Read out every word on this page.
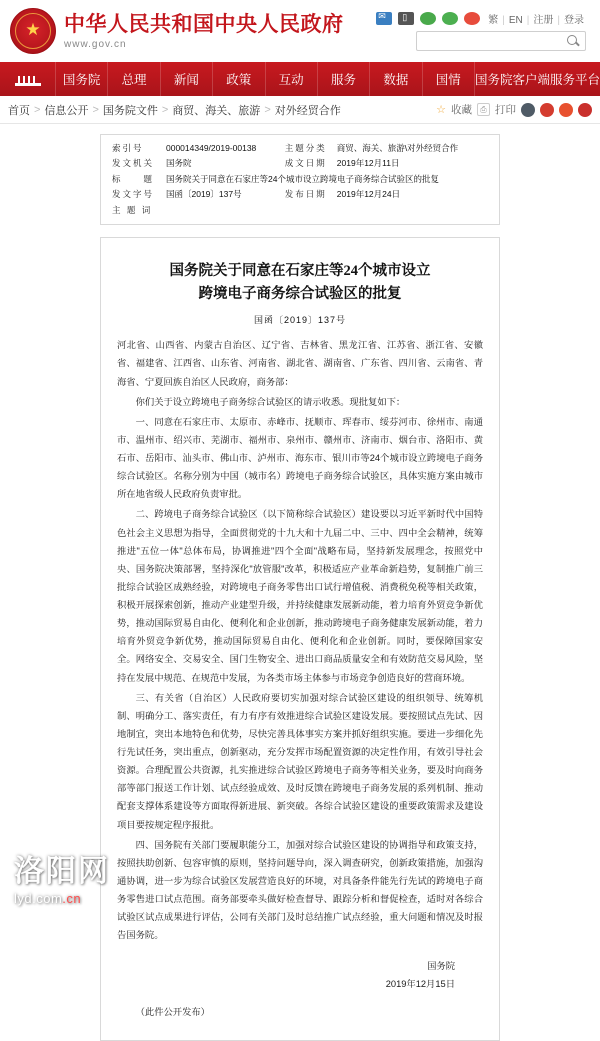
★
中华人民共和国中央人民政府
www.gov.cn
✉
▯
繁 | EN | 注册 | 登录
国务院	总理	新闻	政策	互动	服务	数据	国情	国务院客户端服务平台
首页 > 信息公开 > 国务院文件 > 商贸、海关、旅游 > 对外经贸合作	☆ 收藏	⎙ 打印
索引号	000014349/2019-00138	主题分类	商贸、海关、旅游\对外经贸合作
发文机关	国务院	成文日期	2019年12月11日
标　　题	国务院关于同意在石家庄等24个城市设立跨境电子商务综合试验区的批复		
发文字号	国函〔2019〕137号	发布日期	2019年12月24日
主 题 词			
国务院关于同意在石家庄等24个城市设立
跨境电子商务综合试验区的批复
国函〔2019〕137号

河北省、山西省、内蒙古自治区、辽宁省、吉林省、黑龙江省、江苏省、浙江省、安徽省、福建省、江西省、山东省、河南省、湖北省、湖南省、广东省、四川省、云南省、青海省、宁夏回族自治区人民政府，商务部：

你们关于设立跨境电子商务综合试验区的请示收悉。现批复如下：

一、同意在石家庄市、太原市、赤峰市、抚顺市、珲春市、绥芬河市、徐州市、南通市、温州市、绍兴市、芜湖市、福州市、泉州市、赣州市、济南市、烟台市、洛阳市、黄石市、岳阳市、汕头市、佛山市、泸州市、海东市、银川市等24个城市设立跨境电子商务综合试验区。名称分别为中国（城市名）跨境电子商务综合试验区，具体实施方案由城市所在地省级人民政府负责审批。

二、跨境电子商务综合试验区（以下简称综合试验区）建设要以习近平新时代中国特色社会主义思想为指导，全面贯彻党的十九大和十九届二中、三中、四中全会精神，统筹推进"五位一体"总体布局，协调推进"四个全面"战略布局，坚持新发展理念，按照党中央、国务院决策部署，坚持深化"放管服"改革，积极适应产业革命新趋势，复制推广前三批综合试验区成熟经验，对跨境电子商务零售出口试行增值税、消费税免税等相关政策，积极开展探索创新，推动产业建型升级，并持续健康发展新动能，着力培育外贸竞争新优势，推动国际贸易自由化、便利化和企业创新，推动跨境电子商务健康发展新动能，着力培育外贸竞争新优势，推动国际贸易自由化、便利化和企业创新。同时，要保障国家安全。网络安全、交易安全、国门生物安全、进出口商品质量安全和有效防范交易风险，坚持在发展中规范、在规范中发展，为各类市场主体参与市场竞争创造良好的营商环境。

三、有关省（自治区）人民政府要切实加强对综合试验区建设的组织领导、统筹机制、明确分工、落实责任，有力有序有效推进综合试验区建设发展。要按照试点先试、因地制宜，突出本地特色和优势，尽快完善具体事实方案并抓好组织实施。要进一步细化先行先试任务，突出重点，创新驱动，充分发挥市场配置资源的决定性作用，有效引导社会资源。合理配置公共资源，扎实推进综合试验区跨境电子商务等相关业务，要及时向商务部等部门报送工作计划、试点经验成效、及时反馈在跨境电子商务发展的系列机制、推动配套支撑体系建设等方面取得新进展、新突破。各综合试验区建设的重要政策需求及建设项目要按规定程序报批。

四、国务院有关部门要履职能分工，加强对综合试验区建设的协调指导和政策支持，按照扶助创新、包容审慎的原则，坚持问题导向，深入调查研究，创新政策措施，加强沟通协调，进一步为综合试验区发展营造良好的环境，对具备条件能先行先试的跨境电子商务零售进口试点范围。商务部要牵头做好检查督导、跟踪分析和督促检查，适时对各综合试验区试点成果进行评估，公同有关部门及时总结推广试点经验，重大问题和情况及时报告国务院。

国务院
2019年12月15日
（此件公开发布）
洛阳网
lyd.com.cn
